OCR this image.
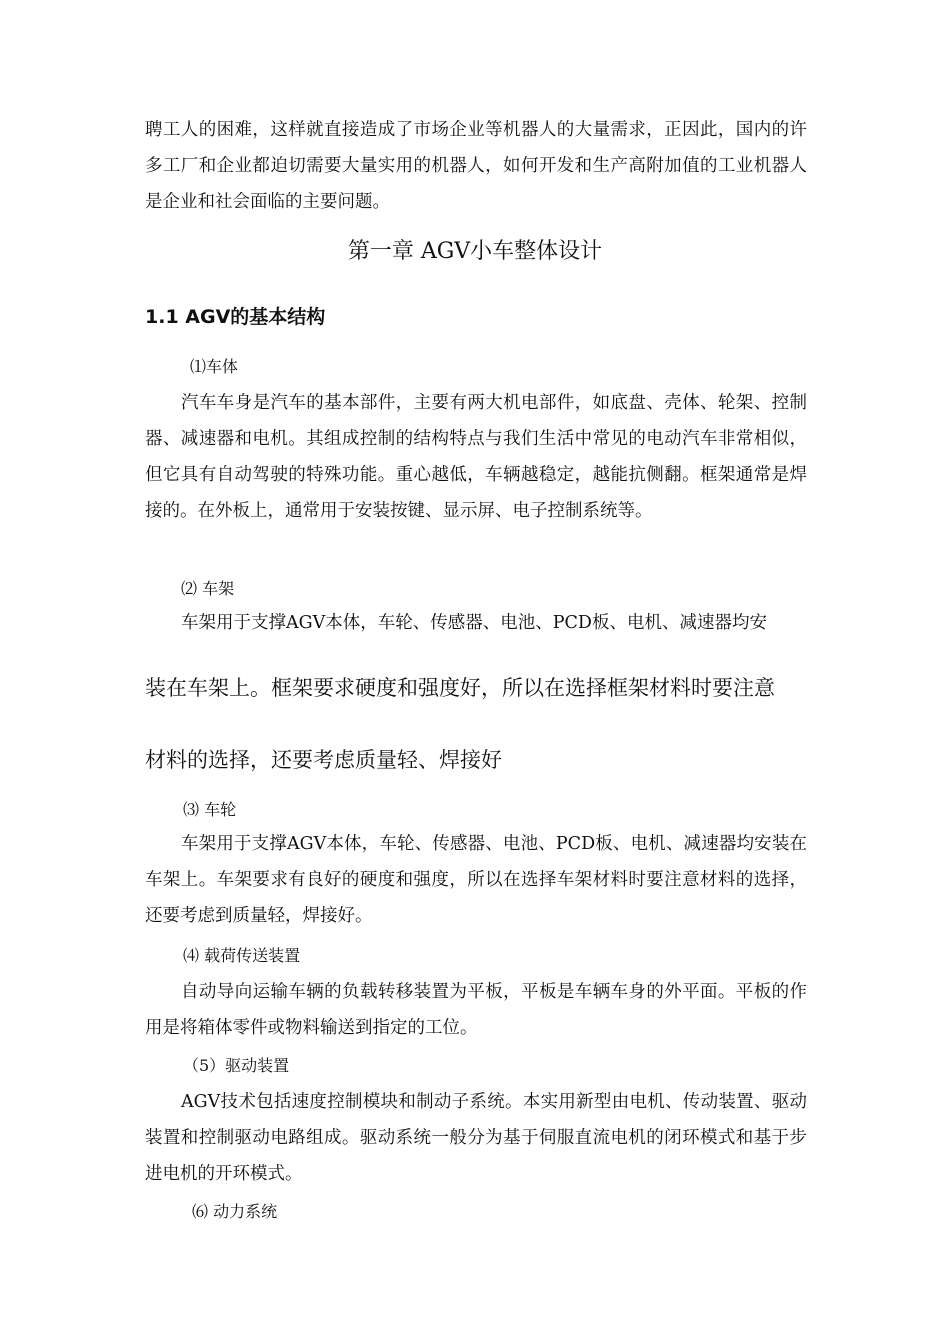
聘工人的困难，这样就直接造成了市场企业等机器人的大量需求，正因此，国内的许多工厂和企业都迫切需要大量实用的机器人，如何开发和生产高附加值的工业机器人是企业和社会面临的主要问题。

第一章 AGV小车整体设计
1.1 AGV的基本结构

⑴车体

汽车车身是汽车的基本部件，主要有两大机电部件，如底盘、壳体、轮架、控制器、减速器和电机。其组成控制的结构特点与我们生活中常见的电动汽车非常相似，但它具有自动驾驶的特殊功能。重心越低，车辆越稳定，越能抗侧翻。框架通常是焊接的。在外板上，通常用于安装按键、显示屏、电子控制系统等。

⑵ 车架

车架用于支撑AGV本体，车轮、传感器、电池、PCD板、电机、减速器均安

装在车架上。框架要求硬度和强度好，所以在选择框架材料时要注意

材料的选择，还要考虑质量轻、焊接好

⑶ 车轮

车架用于支撑AGV本体，车轮、传感器、电池、PCD板、电机、减速器均安装在车架上。车架要求有良好的硬度和强度，所以在选择车架材料时要注意材料的选择，还要考虑到质量轻，焊接好。

⑷ 载荷传送装置

自动导向运输车辆的负载转移装置为平板，平板是车辆车身的外平面。平板的作用是将箱体零件或物料输送到指定的工位。

（5）驱动装置

AGV技术包括速度控制模块和制动子系统。本实用新型由电机、传动装置、驱动装置和控制驱动电路组成。驱动系统一般分为基于伺服直流电机的闭环模式和基于步进电机的开环模式。

⑹ 动力系统
